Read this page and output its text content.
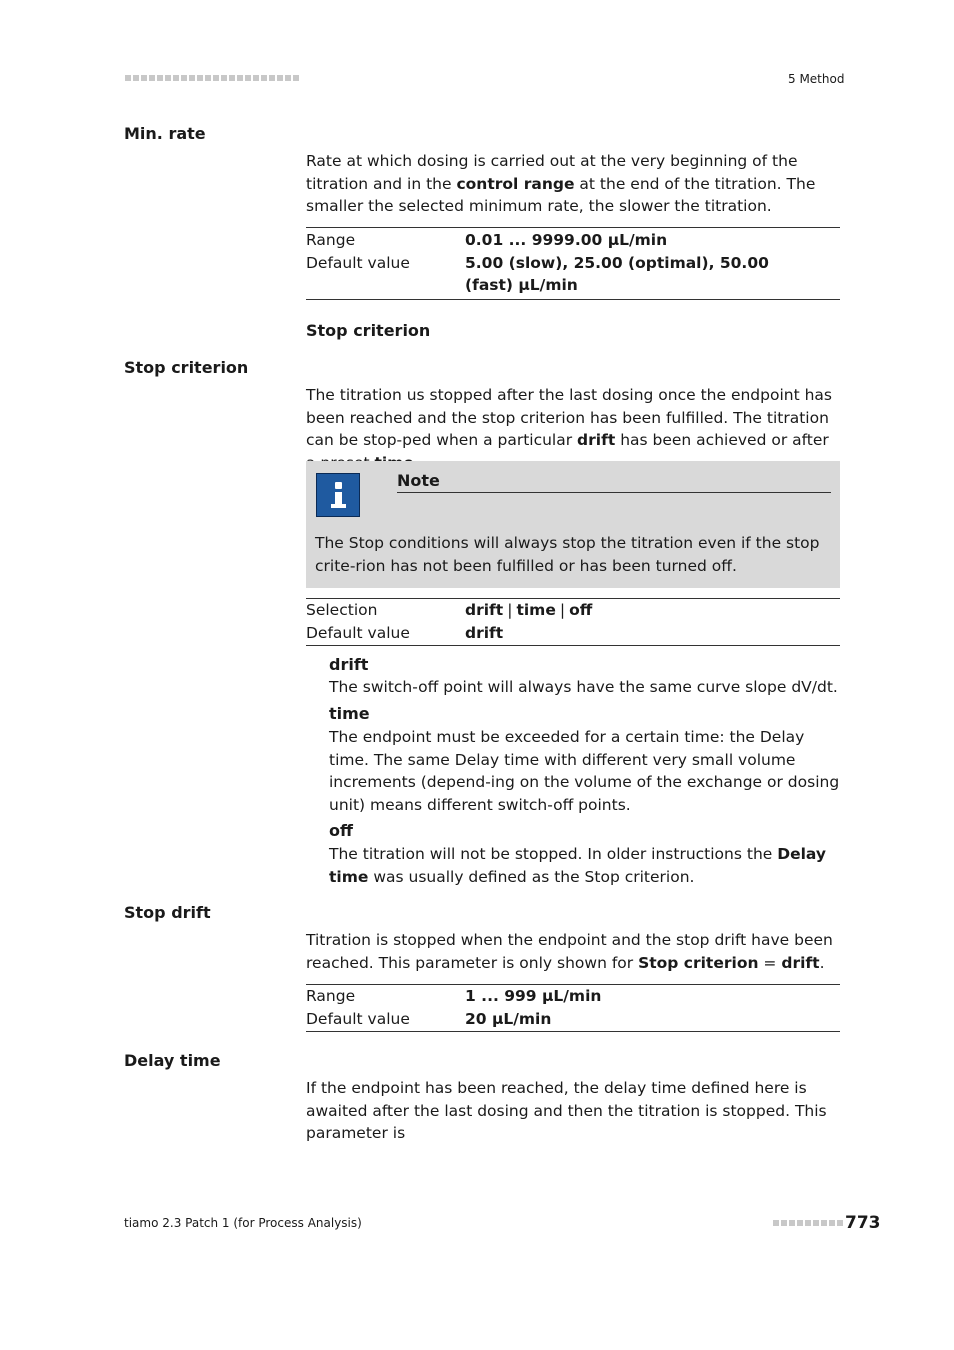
5 Method
Min. rate
Rate at which dosing is carried out at the very beginning of the titration and in the control range at the end of the titration. The smaller the selected minimum rate, the slower the titration.
Range	0.01 ... 9999.00 µL/min
Default value	5.00 (slow), 25.00 (optimal), 50.00 (fast) µL/min
Stop criterion
Stop criterion
The titration us stopped after the last dosing once the endpoint has been reached and the stop criterion has been fulfilled. The titration can be stop-ped when a particular drift has been achieved or after
Note
The Stop conditions will always stop the titration even if the stop crite-rion has not been fulfilled or has been turned off.
Selection	drift | time | off
Default value	drift
drift
The switch-off point will always have the same curve slope dV/dt.
time
The endpoint must be exceeded for a certain time: the Delay time. The same Delay time with different very small volume increments (depend-ing on the volume of the exchange or dosing unit) means different switch-off points.
off
The titration will not be stopped. In older instructions the Delay time was usually defined as the Stop criterion.
Stop drift
Titration is stopped when the endpoint and the stop drift have been reached. This parameter is only shown for Stop criterion = drift.
Range	1 ... 999 µL/min
Default value	20 µL/min
Delay time
If the endpoint has been reached, the delay time defined here is awaited after the last dosing and then the titration is stopped. This parameter is
tiamo 2.3 Patch 1 (for Process Analysis)	773
